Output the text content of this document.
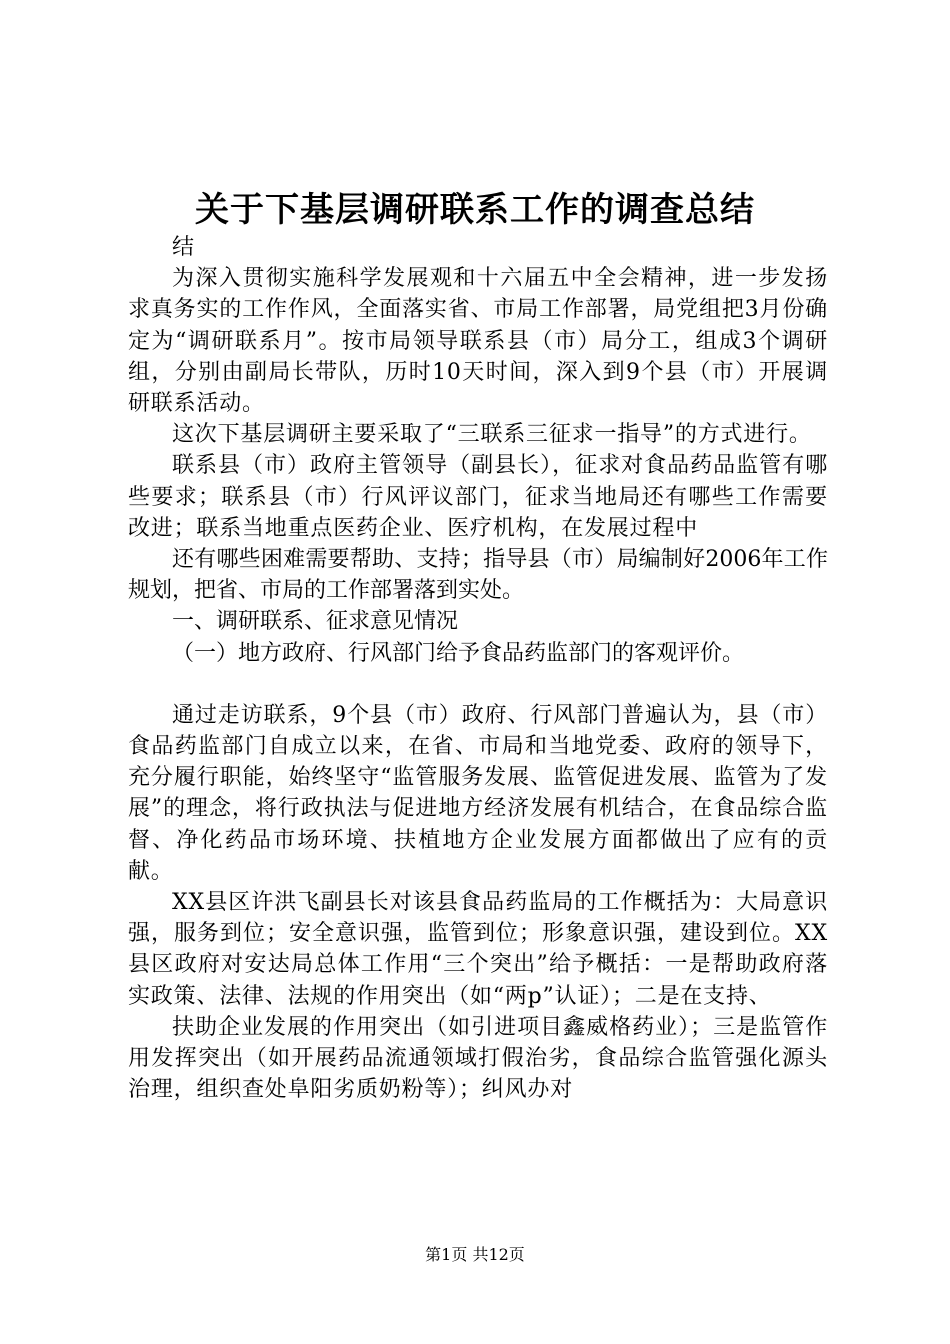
关于下基层调研联系工作的调查总结

结

为深入贯彻实施科学发展观和十六届五中全会精神，进一步发扬求真务实的工作作风，全面落实省、市局工作部署，局党组把3月份确定为“调研联系月”。按市局领导联系县（市）局分工，组成3个调研组，分别由副局长带队，历时10天时间，深入到9个县（市）开展调研联系活动。

这次下基层调研主要采取了“三联系三征求一指导”的方式进行。

联系县（市）政府主管领导（副县长），征求对食品药品监管有哪些要求；联系县（市）行风评议部门，征求当地局还有哪些工作需要改进；联系当地重点医药企业、医疗机构，在发展过程中

还有哪些困难需要帮助、支持；指导县（市）局编制好2006年工作规划，把省、市局的工作部署落到实处。

一、调研联系、征求意见情况

（一）地方政府、行风部门给予食品药监部门的客观评价。

通过走访联系，9个县（市）政府、行风部门普遍认为，县（市）食品药监部门自成立以来，在省、市局和当地党委、政府的领导下，充分履行职能，始终坚守“监管服务发展、监管促进发展、监管为了发展”的理念，将行政执法与促进地方经济发展有机结合，在食品综合监督、净化药品市场环境、扶植地方企业发展方面都做出了应有的贡献。

XX县区许洪飞副县长对该县食品药监局的工作概括为：大局意识强，服务到位；安全意识强，监管到位；形象意识强，建设到位。XX县区政府对安达局总体工作用“三个突出”给予概括：一是帮助政府落实政策、法律、法规的作用突出（如“两p”认证）；二是在支持、

扶助企业发展的作用突出（如引进项目鑫威格药业）；三是监管作用发挥突出（如开展药品流通领域打假治劣，食品综合监管强化源头治理，组织查处阜阳劣质奶粉等）；纠风办对

第1页 共12页
